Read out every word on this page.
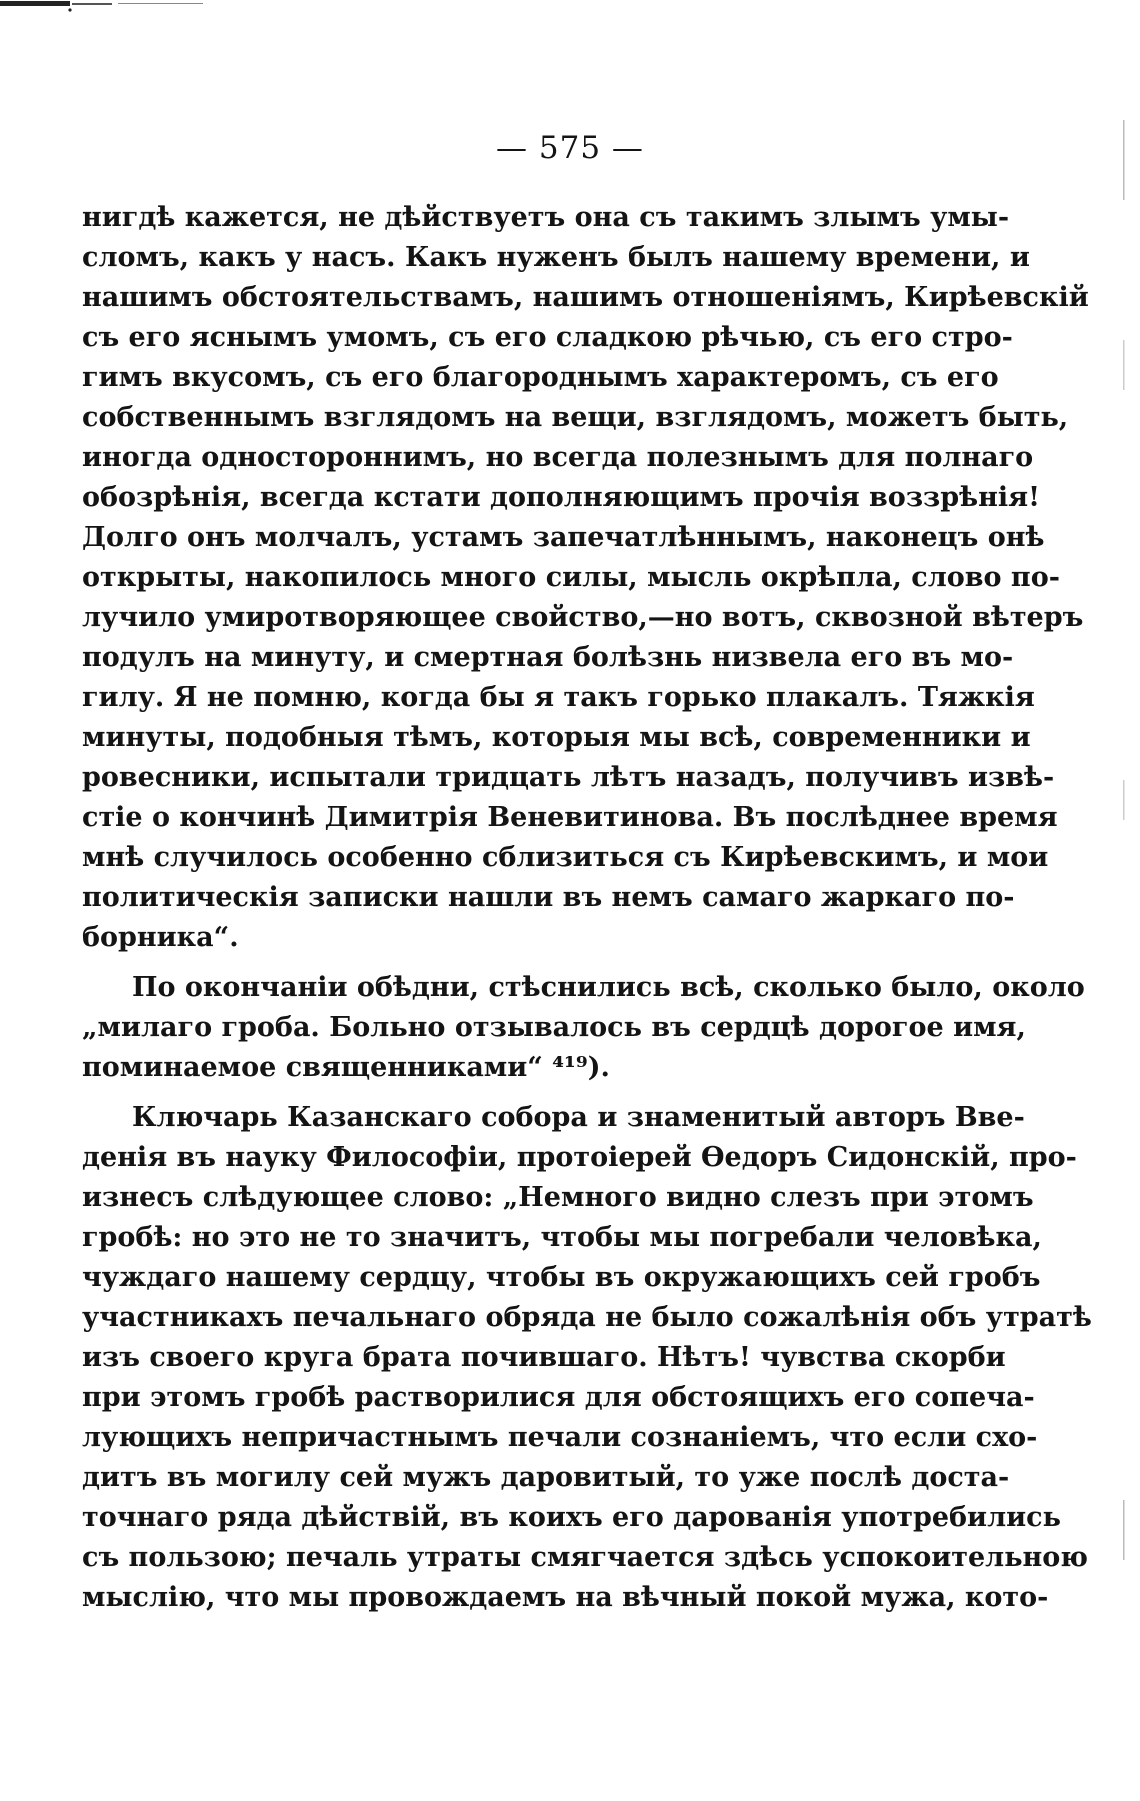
— 575 —
нигдѣ кажется, не дѣйствуетъ она съ такимъ злымъ умы-
сломъ, какъ у насъ. Какъ нуженъ былъ нашему времени, и
нашимъ обстоятельствамъ, нашимъ отношеніямъ, Кирѣевскій
съ его яснымъ умомъ, съ его сладкою рѣчью, съ его стро-
гимъ вкусомъ, съ его благороднымъ характеромъ, съ его
собственнымъ взглядомъ на вещи, взглядомъ, можетъ быть,
иногда одностороннимъ, но всегда полезнымъ для полнаго
обозрѣнія, всегда кстати дополняющимъ прочія воззрѣнія!
Долго онъ молчалъ, устамъ запечатлѣннымъ, наконецъ онѣ
открыты, накопилось много силы, мысль окрѣпла, слово по-
лучило умиротворяющее свойство,—но вотъ, сквозной вѣтеръ
подулъ на минуту, и смертная болѣзнь низвела его въ мо-
гилу. Я не помню, когда бы я такъ горько плакалъ. Тяжкія
минуты, подобныя тѣмъ, которыя мы всѣ, современники и
ровесники, испытали тридцать лѣтъ назадъ, получивъ извѣ-
стіе о кончинѣ Димитрія Веневитинова. Въ послѣднее время
мнѣ случилось особенно сблизиться съ Кирѣевскимъ, и мои
политическія записки нашли въ немъ самаго жаркаго по-
борника“.
По окончаніи обѣдни, стѣснились всѣ, сколько было, около
„милаго гроба. Больно отзывалось въ сердцѣ дорогое имя,
поминаемое священниками“ ⁴¹⁹).
Ключарь Казанскаго собора и знаменитый авторъ Вве-
денія въ науку Философіи, протоіерей Ѳедоръ Сидонскій, про-
изнесъ слѣдующее слово: „Немного видно слезъ при этомъ
гробѣ: но это не то значитъ, чтобы мы погребали человѣка,
чуждаго нашему сердцу, чтобы въ окружающихъ сей гробъ
участникахъ печальнаго обряда не было сожалѣнія объ утратѣ
изъ своего круга брата почившаго. Нѣтъ! чувства скорби
при этомъ гробѣ растворилися для обстоящихъ его сопеча-
лующихъ непричастнымъ печали сознаніемъ, что если схо-
дитъ въ могилу сей мужъ даровитый, то уже послѣ доста-
точнаго ряда дѣйствій, въ коихъ его дарованія употребились
съ пользою; печаль утраты смягчается здѣсь успокоительною
мыслію, что мы провождаемъ на вѣчный покой мужа, кото-
